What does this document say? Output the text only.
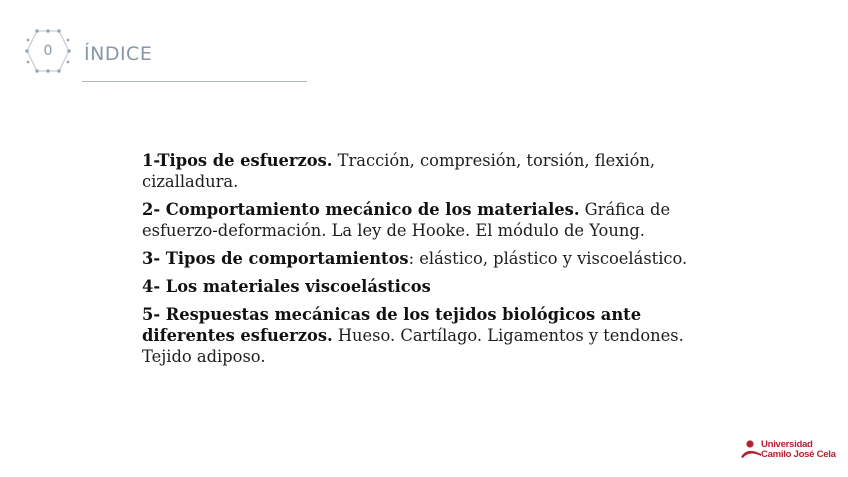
0	ÍNDICE
1-Tipos de esfuerzos. Tracción, compresión, torsión, flexión, cizalladura.
2- Comportamiento mecánico de los materiales. Gráfica de esfuerzo-deformación. La ley de Hooke. El módulo de Young.
3- Tipos de comportamientos: elástico, plástico y viscoelástico.
4- Los materiales viscoelásticos
5- Respuestas mecánicas de los tejidos biológicos ante diferentes esfuerzos. Hueso. Cartílago. Ligamentos y tendones. Tejido adiposo.
Universidad
Camilo José Cela
